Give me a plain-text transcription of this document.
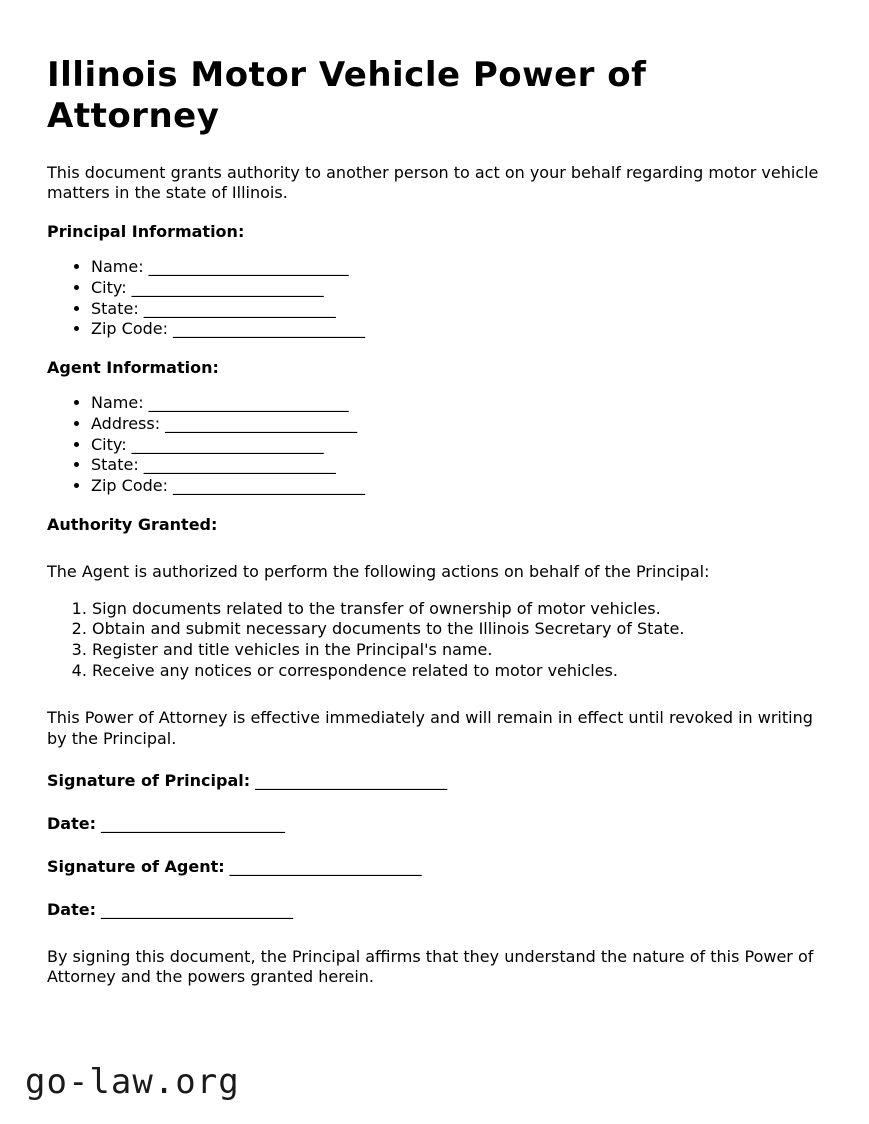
Illinois Motor Vehicle Power of Attorney

This document grants authority to another person to act on your behalf regarding motor vehicle matters in the state of Illinois.

Principal Information:
• Name: _________________________
• City: ________________________
• State: ________________________
• Zip Code: ________________________
Agent Information:
• Name: _________________________
• Address: ________________________
• City: ________________________
• State: ________________________
• Zip Code: ________________________
Authority Granted:

The Agent is authorized to perform the following actions on behalf of the Principal:

1. Sign documents related to the transfer of ownership of motor vehicles.
2. Obtain and submit necessary documents to the Illinois Secretary of State.
3. Register and title vehicles in the Principal's name.
4. Receive any notices or correspondence related to motor vehicles.

This Power of Attorney is effective immediately and will remain in effect until revoked in writing by the Principal.

Signature of Principal: ________________________
Date: _______________________
Signature of Agent: ________________________
Date: ________________________

By signing this document, the Principal affirms that they understand the nature of this Power of Attorney and the powers granted herein.

go-law.org
